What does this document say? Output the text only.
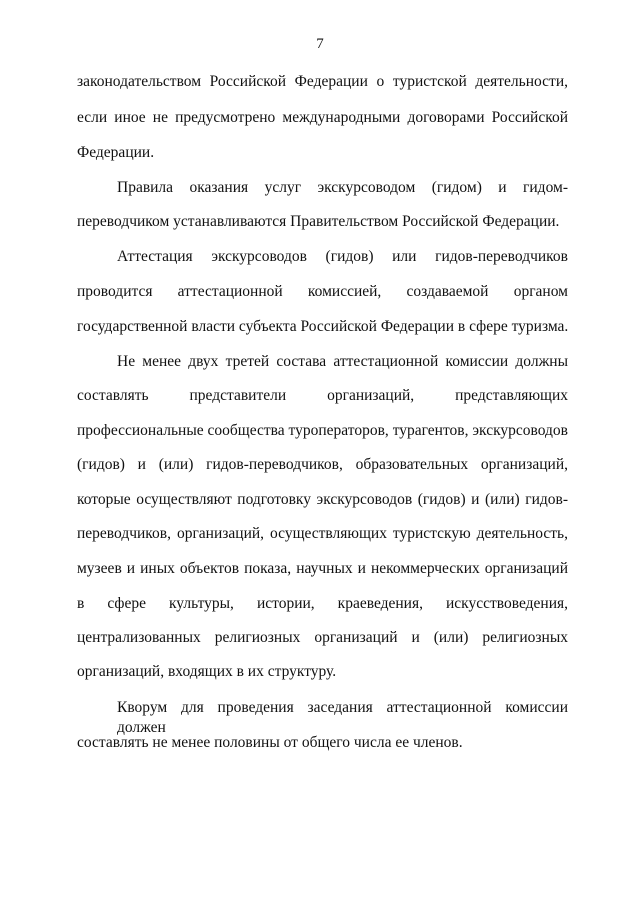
7
законодательством Российской Федерации о туристской деятельности,
если иное не предусмотрено международными договорами Российской
Федерации.
Правила оказания услуг экскурсоводом (гидом) и гидом-
переводчиком устанавливаются Правительством Российской Федерации.
Аттестация экскурсоводов (гидов) или гидов-переводчиков
проводится аттестационной комиссией, создаваемой органом
государственной власти субъекта Российской Федерации в сфере туризма.
Не менее двух третей состава аттестационной комиссии должны
составлять представители организаций, представляющих
профессиональные сообщества туроператоров, турагентов, экскурсоводов
(гидов) и (или) гидов-переводчиков, образовательных организаций,
которые осуществляют подготовку экскурсоводов (гидов) и (или) гидов-
переводчиков, организаций, осуществляющих туристскую деятельность,
музеев и иных объектов показа, научных и некоммерческих организаций
в сфере культуры, истории, краеведения, искусствоведения,
централизованных религиозных организаций и (или) религиозных
организаций, входящих в их структуру.
Кворум для проведения заседания аттестационной комиссии должен
составлять не менее половины от общего числа ее членов.
